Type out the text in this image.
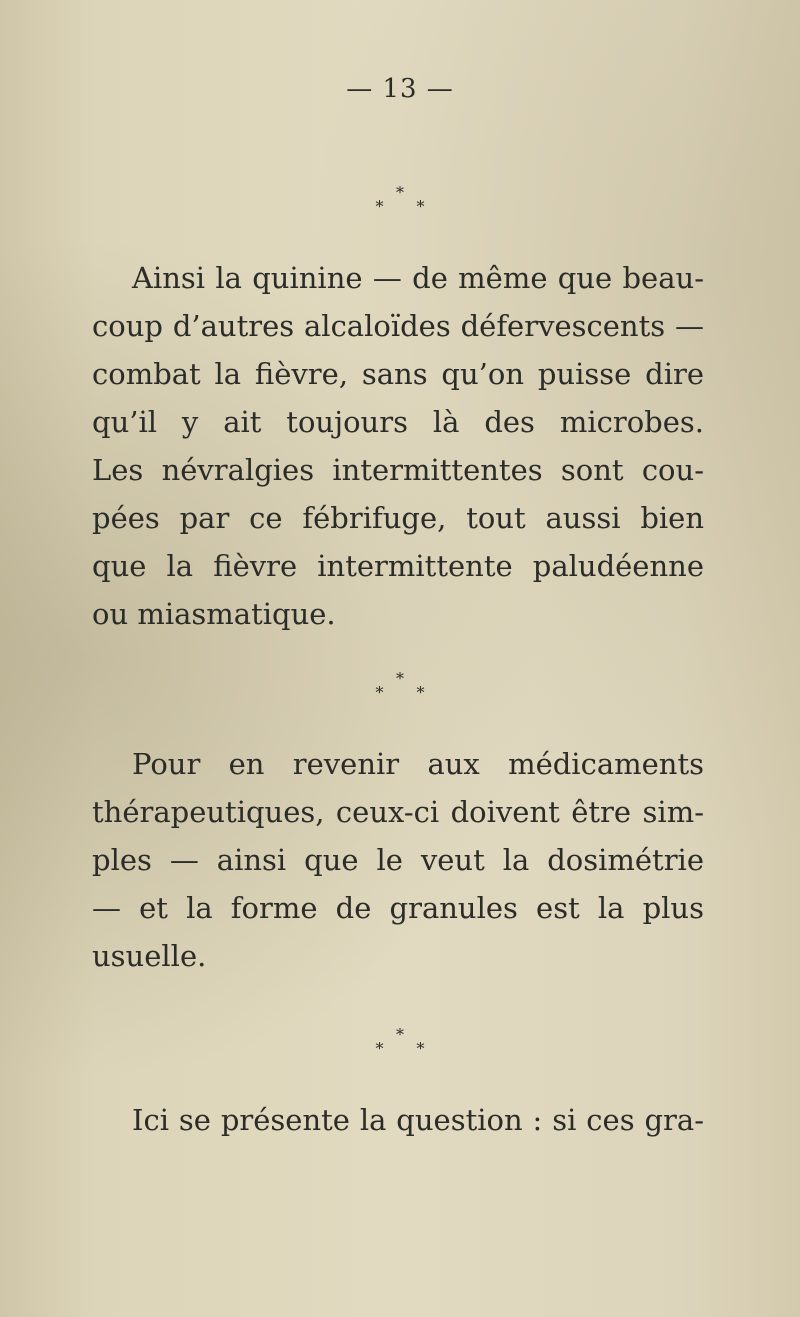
— 13 —
*
* *

Ainsi la quinine — de même que beau-
coup d’autres alcaloïdes défervescents —
combat la fièvre, sans qu’on puisse dire
qu’il y ait toujours là des microbes.
Les névralgies intermittentes sont cou-
pées par ce fébrifuge, tout aussi bien
que la fièvre intermittente paludéenne
ou miasmatique.

*
* *

Pour en revenir aux médicaments
thérapeutiques, ceux-ci doivent être sim-
ples — ainsi que le veut la dosimétrie
— et la forme de granules est la plus
usuelle.

*
* *

Ici se présente la question : si ces gra-
